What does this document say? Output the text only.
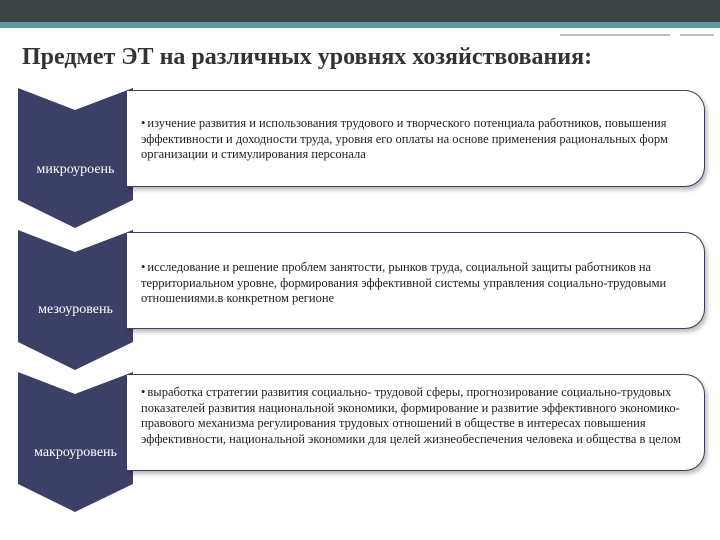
Предмет ЭТ на различных уровнях хозяйствования:
микроуроень
• изучение развития и использования трудового и творческого потенциала работников, повышения эффективности и доходности труда, уровня его оплаты на основе применения рациональных форм организации и стимулирования персонала
мезоуровень
• исследование и решение проблем занятости, рынков труда, социальной защиты работников на территориальном уровне, формирования эффективной системы управления социально-трудовыми отношениями.в конкретном регионе
макроуровень
• выработка стратегии развития социально- трудовой сферы, прогнозирование социально-трудовых показателей развития национальной экономики, формирование и развитие эффективного экономико-правового механизма регулирования трудовых отношений в обществе в интересах повышения эффективности, национальной экономики для целей жизнеобеспечения человека и общества в целом
